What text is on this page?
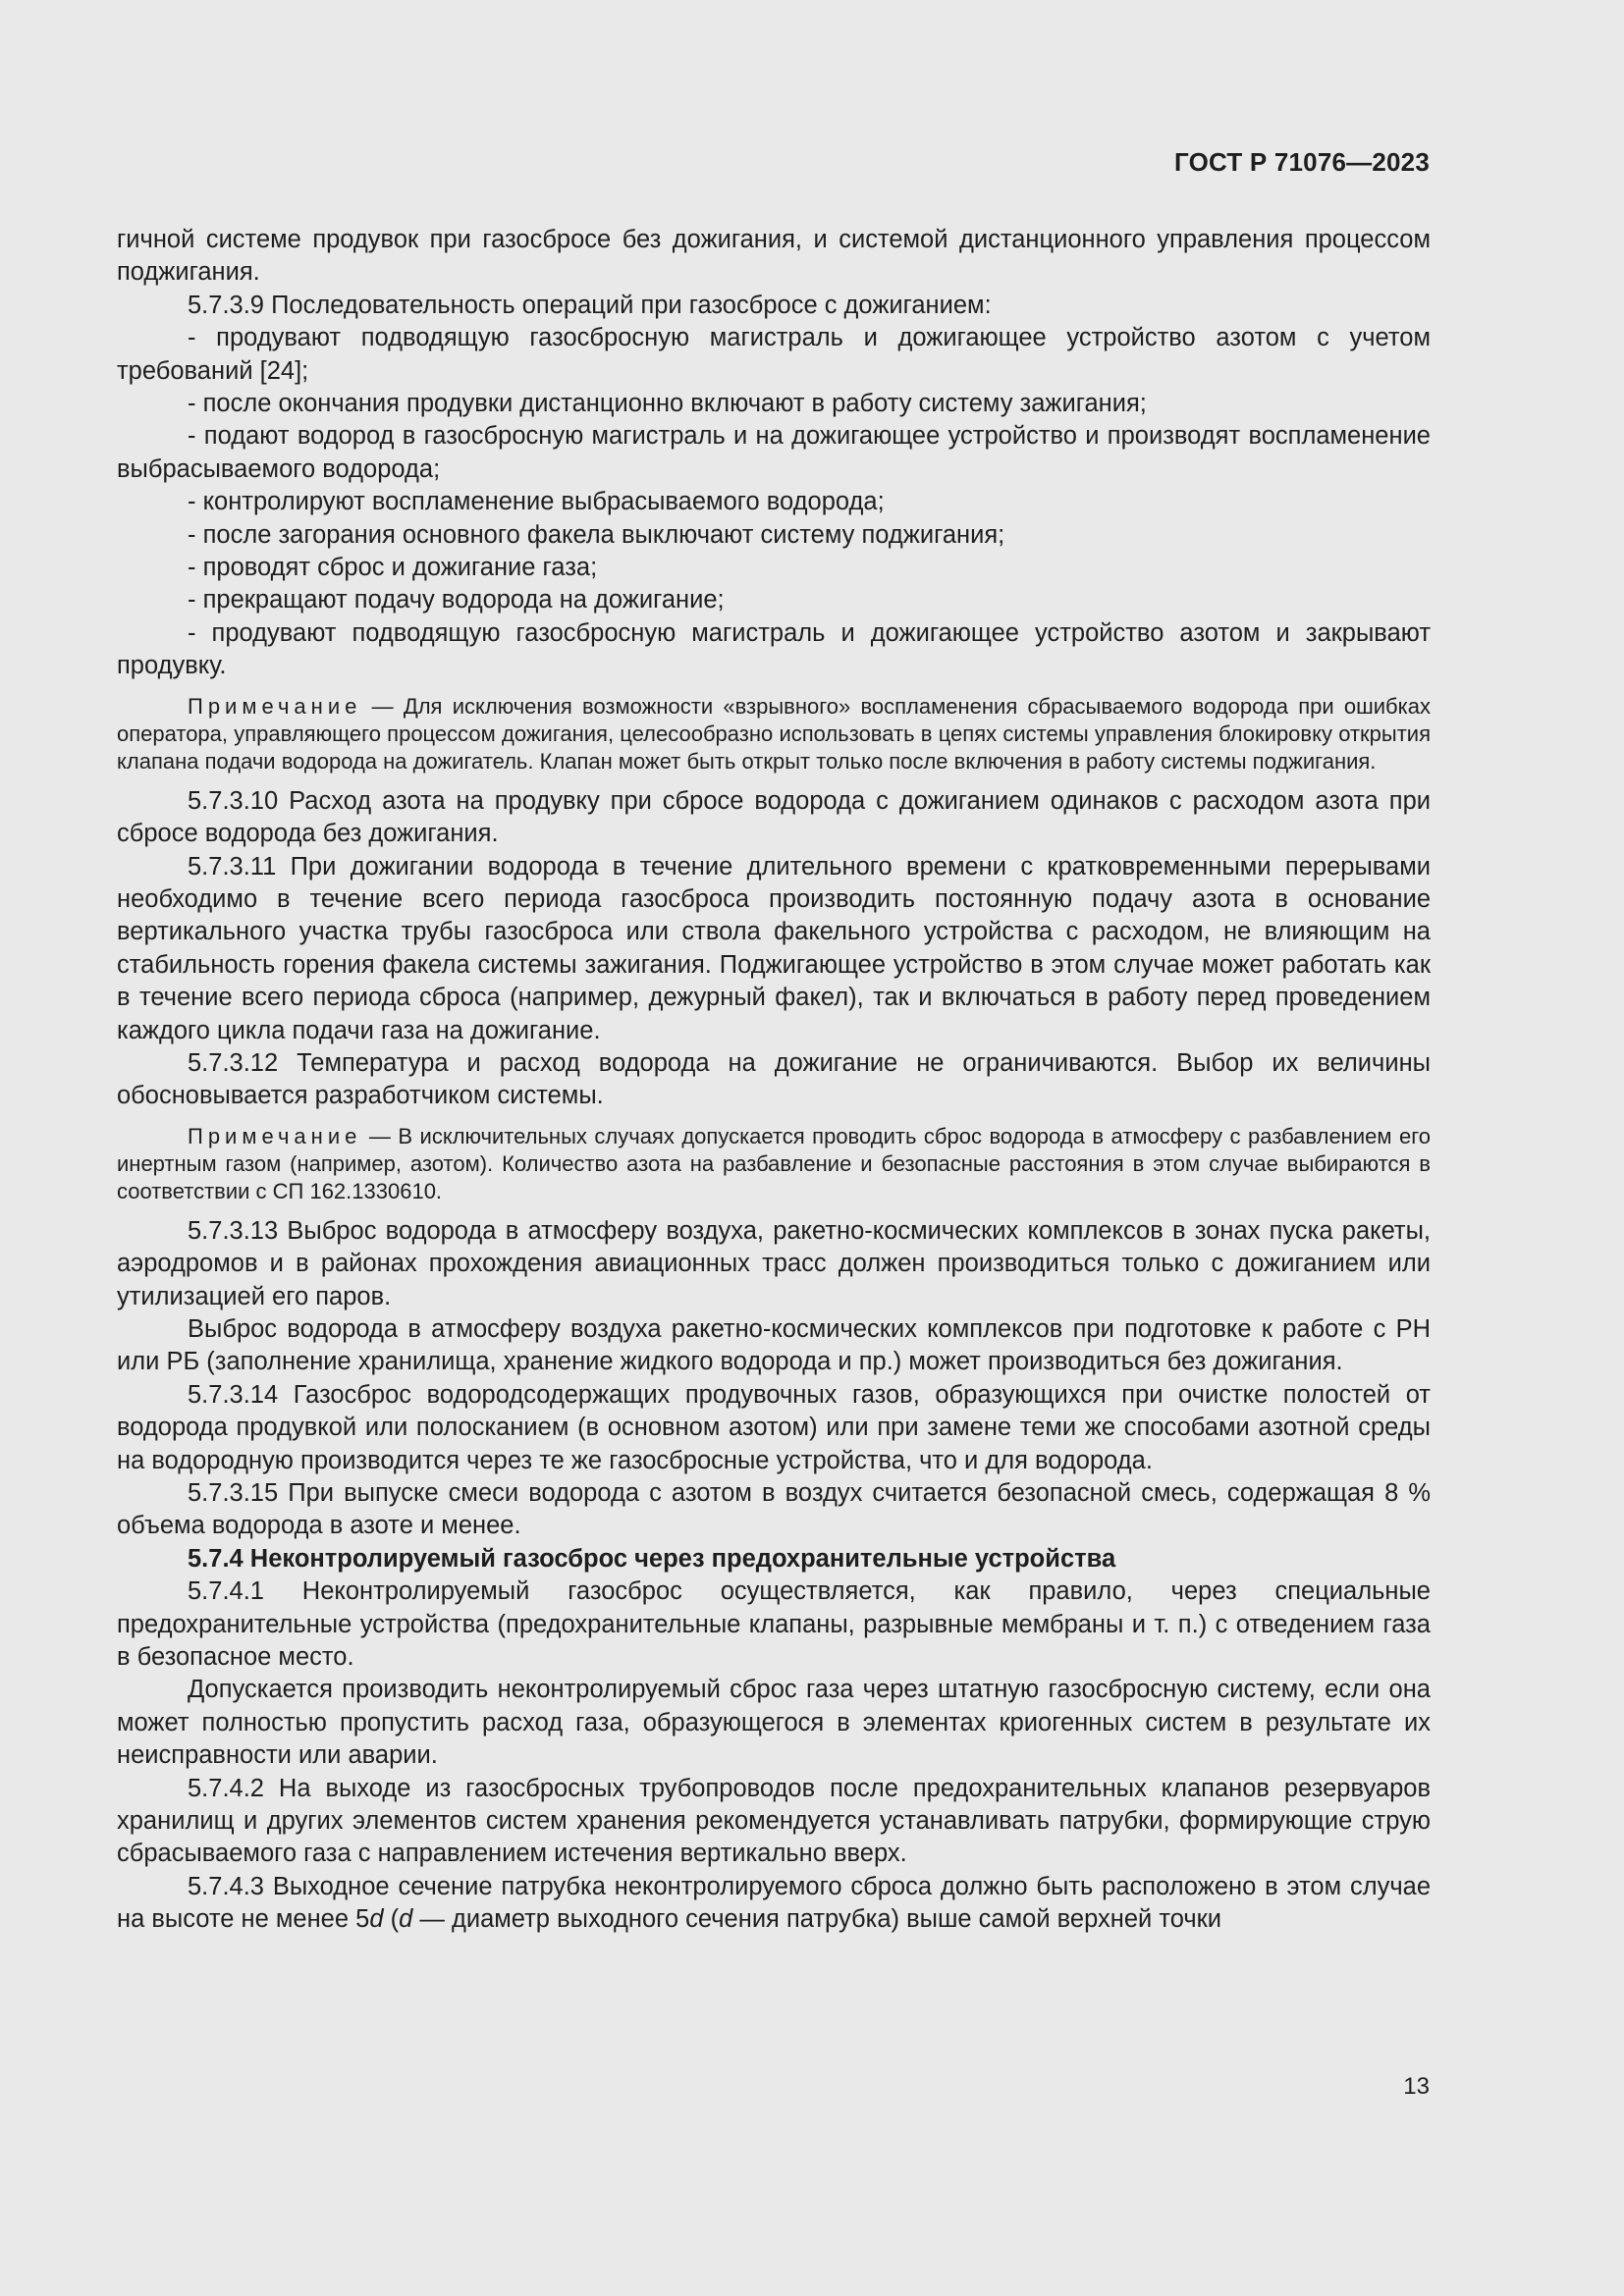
ГОСТ Р 71076—2023

гичной системе продувок при газосбросе без дожигания, и системой дистанционного управления процессом поджигания.

5.7.3.9 Последовательность операций при газосбросе с дожиганием:

- продувают подводящую газосбросную магистраль и дожигающее устройство азотом с учетом требований [24];

- после окончания продувки дистанционно включают в работу систему зажигания;

- подают водород в газосбросную магистраль и на дожигающее устройство и производят воспламенение выбрасываемого водорода;

- контролируют воспламенение выбрасываемого водорода;

- после загорания основного факела выключают систему поджигания;

- проводят сброс и дожигание газа;

- прекращают подачу водорода на дожигание;

- продувают подводящую газосбросную магистраль и дожигающее устройство азотом и закрывают продувку.

Примечание — Для исключения возможности «взрывного» воспламенения сбрасываемого водорода при ошибках оператора, управляющего процессом дожигания, целесообразно использовать в цепях системы управления блокировку открытия клапана подачи водорода на дожигатель. Клапан может быть открыт только после включения в работу системы поджигания.

5.7.3.10 Расход азота на продувку при сбросе водорода с дожиганием одинаков с расходом азота при сбросе водорода без дожигания.

5.7.3.11 При дожигании водорода в течение длительного времени с кратковременными перерывами необходимо в течение всего периода газосброса производить постоянную подачу азота в основание вертикального участка трубы газосброса или ствола факельного устройства с расходом, не влияющим на стабильность горения факела системы зажигания. Поджигающее устройство в этом случае может работать как в течение всего периода сброса (например, дежурный факел), так и включаться в работу перед проведением каждого цикла подачи газа на дожигание.

5.7.3.12 Температура и расход водорода на дожигание не ограничиваются. Выбор их величины обосновывается разработчиком системы.

Примечание — В исключительных случаях допускается проводить сброс водорода в атмосферу с разбавлением его инертным газом (например, азотом). Количество азота на разбавление и безопасные расстояния в этом случае выбираются в соответствии с СП 162.1330610.

5.7.3.13 Выброс водорода в атмосферу воздуха, ракетно-космических комплексов в зонах пуска ракеты, аэродромов и в районах прохождения авиационных трасс должен производиться только с дожиганием или утилизацией его паров.

Выброс водорода в атмосферу воздуха ракетно-космических комплексов при подготовке к работе с РН или РБ (заполнение хранилища, хранение жидкого водорода и пр.) может производиться без дожигания.

5.7.3.14 Газосброс водородсодержащих продувочных газов, образующихся при очистке полостей от водорода продувкой или полосканием (в основном азотом) или при замене теми же способами азотной среды на водородную производится через те же газосбросные устройства, что и для водорода.

5.7.3.15 При выпуске смеси водорода с азотом в воздух считается безопасной смесь, содержащая 8 % объема водорода в азоте и менее.

5.7.4 Неконтролируемый газосброс через предохранительные устройства

5.7.4.1 Неконтролируемый газосброс осуществляется, как правило, через специальные предохранительные устройства (предохранительные клапаны, разрывные мембраны и т. п.) с отведением газа в безопасное место.

Допускается производить неконтролируемый сброс газа через штатную газосбросную систему, если она может полностью пропустить расход газа, образующегося в элементах криогенных систем в результате их неисправности или аварии.

5.7.4.2 На выходе из газосбросных трубопроводов после предохранительных клапанов резервуаров хранилищ и других элементов систем хранения рекомендуется устанавливать патрубки, формирующие струю сбрасываемого газа с направлением истечения вертикально вверх.

5.7.4.3 Выходное сечение патрубка неконтролируемого сброса должно быть расположено в этом случае на высоте не менее 5d (d — диаметр выходного сечения патрубка) выше самой верхней точки

13
